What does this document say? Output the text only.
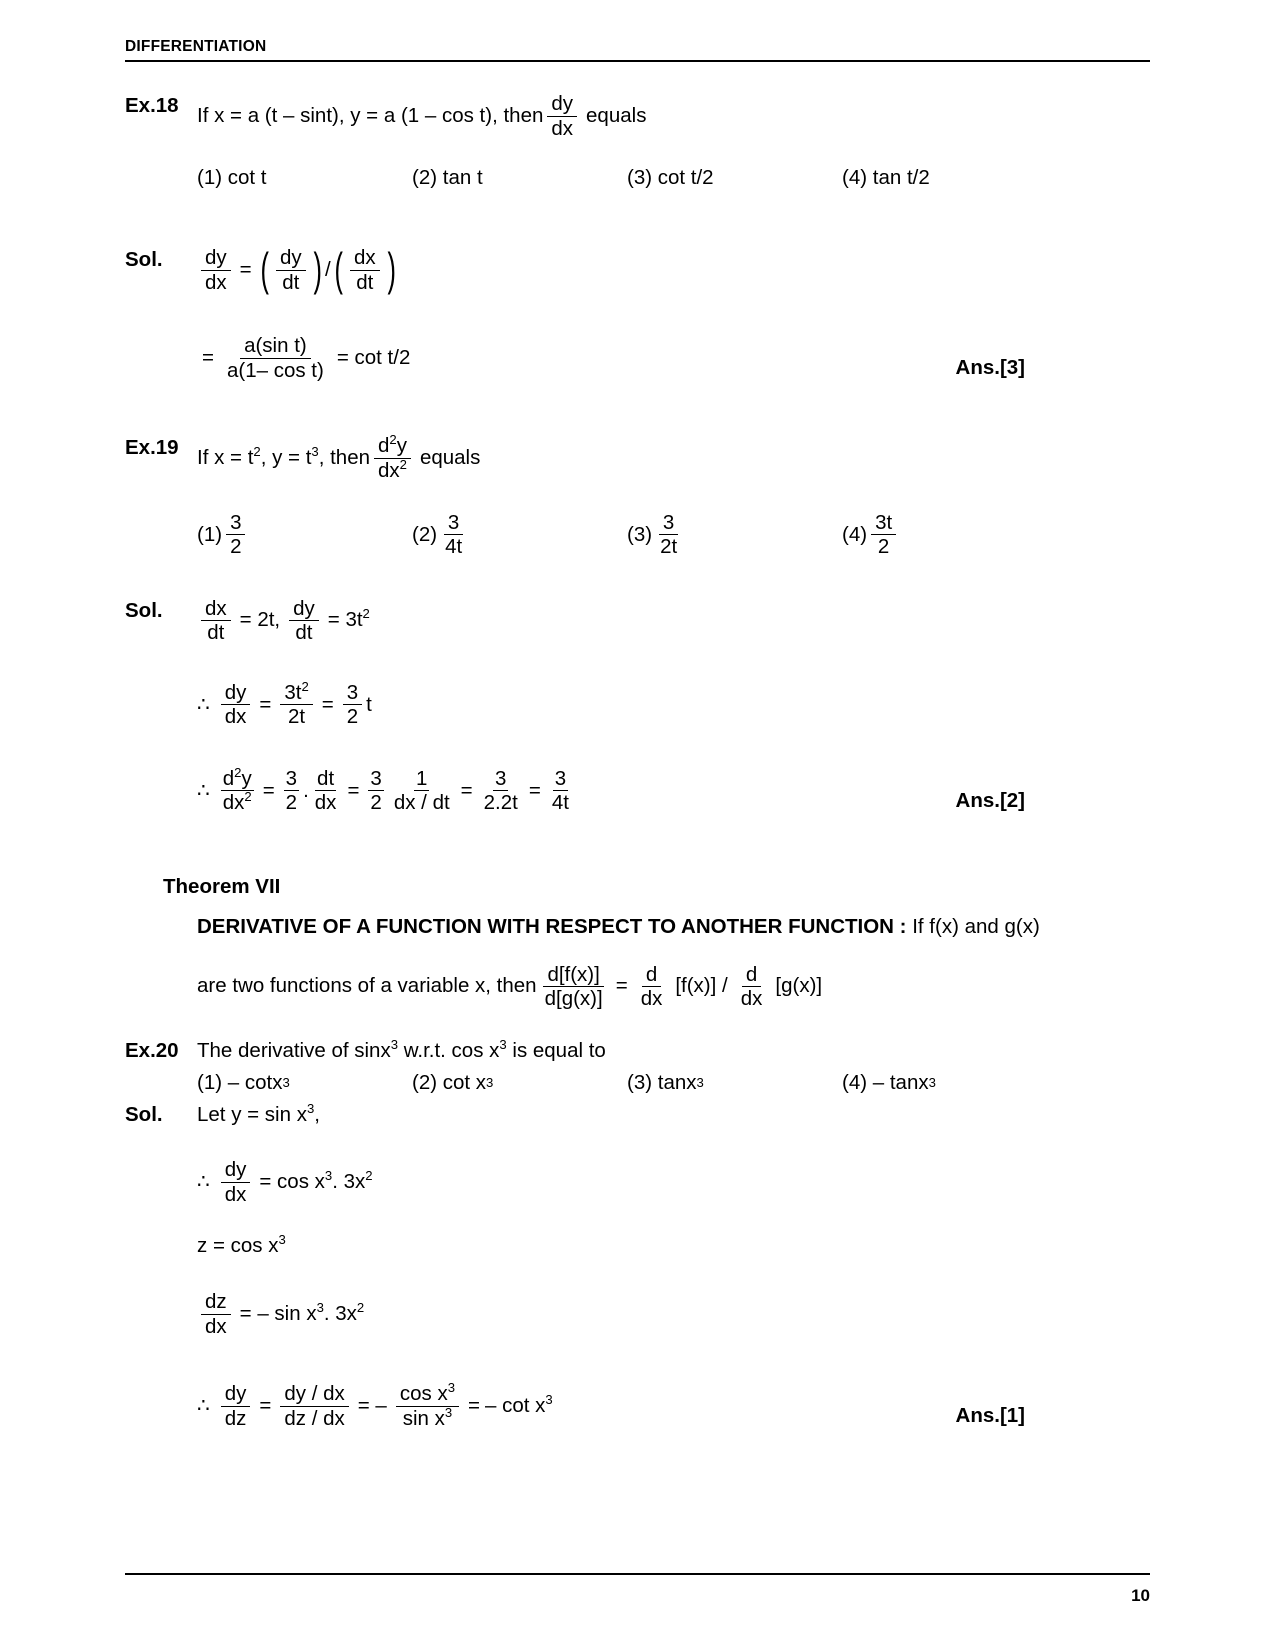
DIFFERENTIATION
Ex.18 If x = a (t – sint), y = a (1 – cos t), then $\frac{dy}{dx}$ equals
(1) cot t	(2) tan t	(3) cot t/2	(4) tan t/2
Sol.	$\frac{dy}{dx}$ = ( $\frac{dy}{dt}$ ) / ( $\frac{dx}{dt}$ )
= $\frac{\text{a(sin t)}}{\text{a(1– cos t)}} = \cot t/2$	Ans.[3]
Ex.19 If $x = t^2$, $y = t^3$, then $\frac{d^2y}{dx^2}$ equals
$(1) \frac{3}{2}$	$(2) \frac{3}{4t}$	$(3) \frac{3}{2t}$	$(4) \frac{3t}{2}$
Sol.	$\frac{dx}{dt} = 2t$, $\frac{dy}{dt} = 3t^2$
∴ $\frac{dy}{dx} = \frac{3t^2}{2t} = \frac{3}{2}$ t
∴ $\frac{d^2y}{dx^2} = \frac{3}{2}$ . $\frac{dt}{dx} = \frac{3}{2} \frac{1}{dx / dt} = \frac{3}{2.2t} = \frac{3}{4t}$	Ans.[2]
Theorem VII
DERIVATIVE OF A FUNCTION WITH RESPECT TO ANOTHER FUNCTION : If f(x) and g(x)
are two functions of a variable x, then $\frac{d[f(x)]}{d[g(x)]} = \frac{d}{dx} [f(x)] / \frac{d}{dx} [g(x)]$
Ex.20 The derivative of sinx$^3$ w.r.t. $\cos x^3$ is equal to
(1) – cotx 3	(2) cot x 3	(3) tanx 3	(4) – tanx 3
Sol.	Let $y = \sin x^3$,
∴ $\frac{dy}{dx} = \cos x^3$. $3x^2$
$z = \cos x^3$
$\frac{dz}{dx}$ = – $\sin x^3$. $3x^2$
∴ $\frac{dy}{dz} = \frac{dy / dx}{dz / dx}$ = – $\frac{\cos x^3}{\sin x^3}$ = – $\cot x^3$
Ans.[1]
10
